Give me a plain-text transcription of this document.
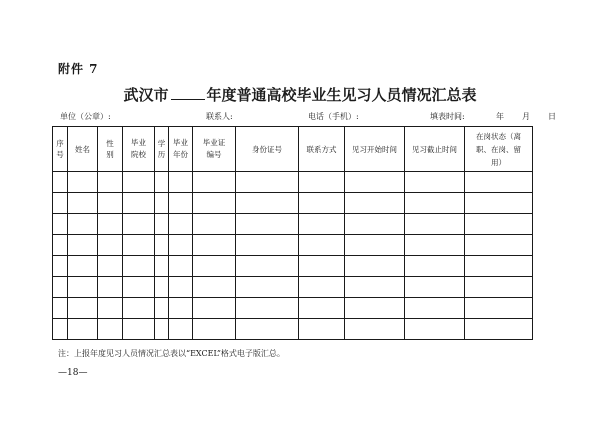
附件 7
武汉市	年度普通高校毕业生见习人员情况汇总表
单位（公章）:	联系人:	电话（手机）:	填表时间:	年 月 日
序号	姓名	性别	毕业院校	学历	毕业年份	毕业证编号	身份证号	联系方式	见习开始时间	见习截止时间	在岗状态（离职、在岗、留用）

注：上报年度见习人员情况汇总表以“EXCEL”格式电子版汇总。
—18—
